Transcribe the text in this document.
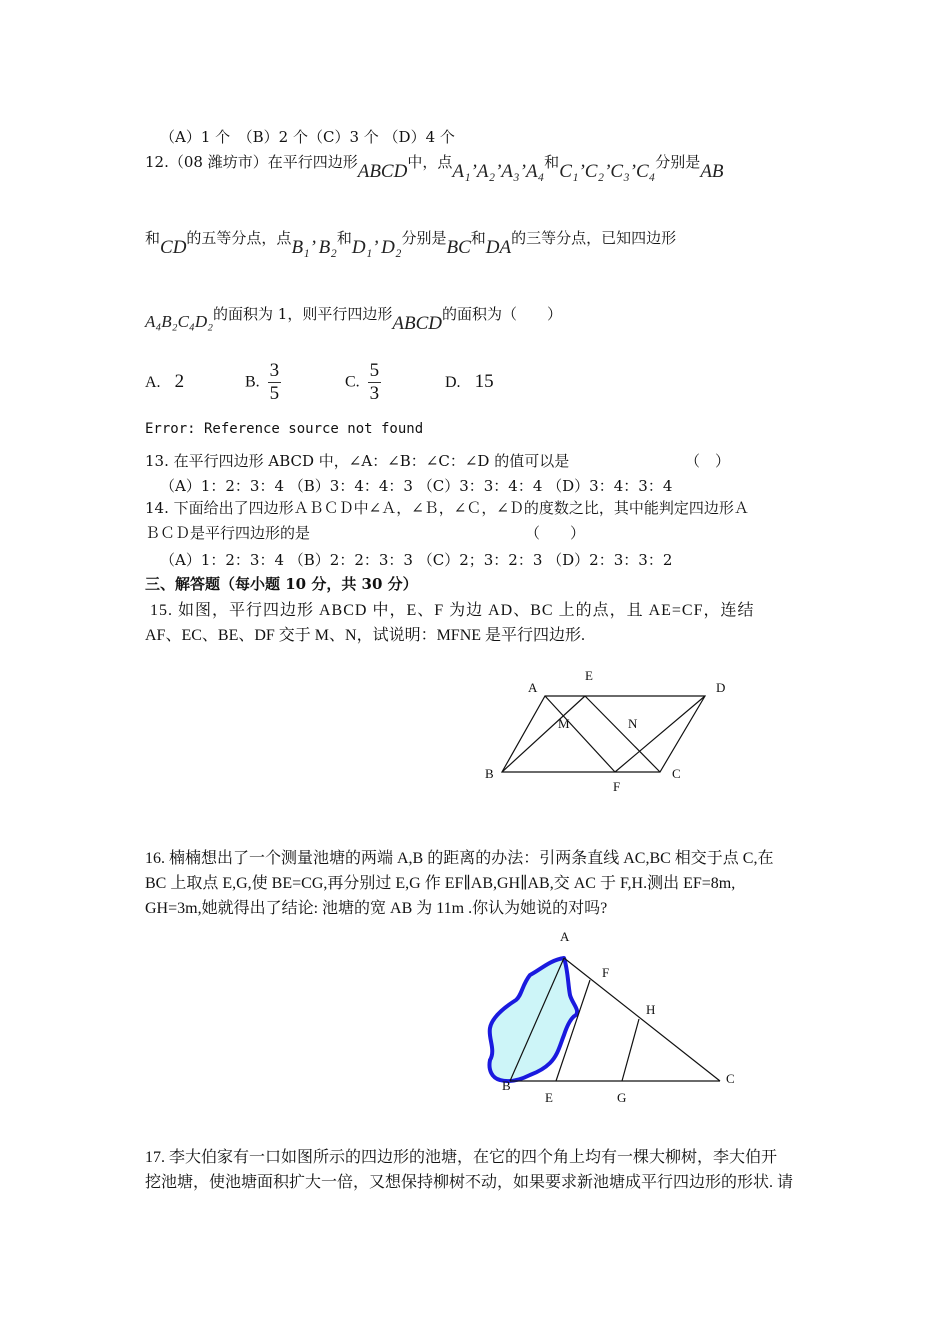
（A）1 个　（B）2 个（C）3 个 （D）4 个
12.（08 潍坊市）在平行四边形ABCD中，点A₁’A₂’A₃’A₄和C₁’C₂’C₃’C₄分别是AB
和CD的五等分点，点B₁’ B₂和D₁’ D₂分别是BC和DA的三等分点，已知四边形
A₄B₂C₄D₂的面积为 1，则平行四边形ABCD的面积为（　　）
A. 2	B. $\frac{3}{5}$	C. $\frac{5}{3}$	D. 15
Error: Reference source not found
13. 在平行四边形 ABCD 中，∠A：∠B：∠C：∠D 的值可以是	（　）
（A）1：2：3：4 （B）3：4：4：3 （C）3：3：4：4 （D）3：4：3：4
14. 下面给出了四边形ＡＢＣＤ中∠Ａ，∠Ｂ，∠Ｃ，∠Ｄ的度数之比，其中能判定四边形Ａ
ＢＣＤ是平行四边形的是	（　　）
（A）1：2：3：4 （B）2：2：3：3 （C）2；3：2：3 （D）2：3：3：2
三、解答题（每小题 10 分，共 30 分）
15. 如图，平行四边形 ABCD 中，E、F 为边 AD、BC 上的点，且 AE=CF，连结
AF、EC、BE、DF 交于 M、N，试说明：MFNE 是平行四边形.
A
E
D
M	N
B
F
C
16. 楠楠想出了一个测量池塘的两端 A,B 的距离的办法：引两条直线 AC,BC 相交于点 C,在
BC 上取点 E,G,使 BE=CG,再分别过 E,G 作 EF∥AB,GH∥AB,交 AC 于 F,H.测出 EF=8m,
GH=3m,她就得出了结论: 池塘的宽 AB 为 11m .你认为她说的对吗?
A
F
H
B
E	G
C
17. 李大伯家有一口如图所示的四边形的池塘，在它的四个角上均有一棵大柳树，李大伯开
挖池塘，使池塘面积扩大一倍，又想保持柳树不动，如果要求新池塘成平行四边形的形状. 请
